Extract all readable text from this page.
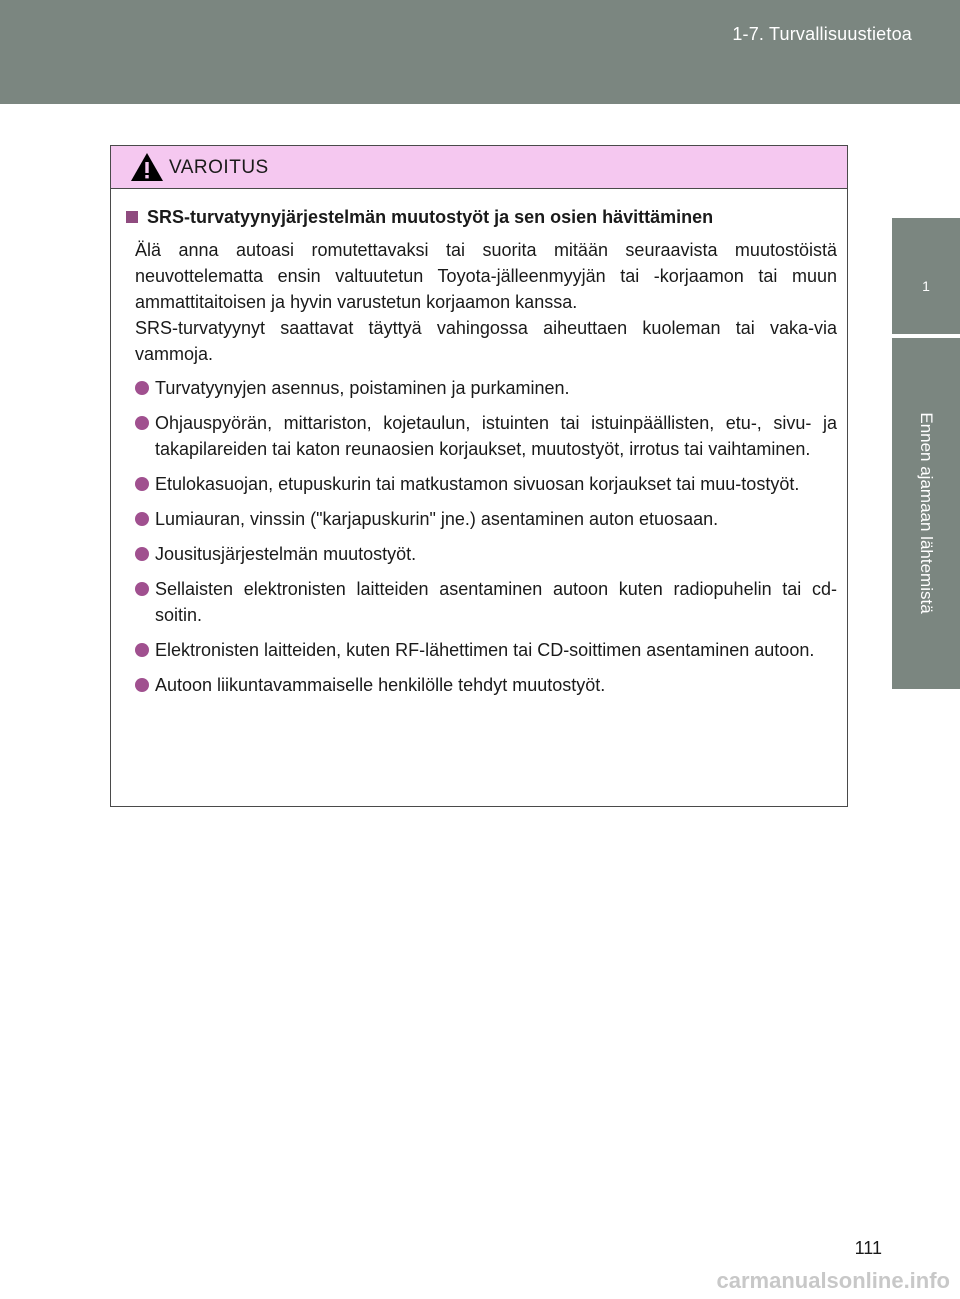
1-7. Turvallisuustietoa
1
Ennen ajamaan lähtemistä
VAROITUS
SRS-turvatyynyjärjestelmän muutostyöt ja sen osien hävittäminen

Älä anna autoasi romutettavaksi tai suorita mitään seuraavista muutostöistä neuvottelematta ensin valtuutetun Toyota-jälleenmyyjän tai -korjaamon tai muun ammattitaitoisen ja hyvin varustetun korjaamon kanssa.

SRS-turvatyynyt saattavat täyttyä vahingossa aiheuttaen kuoleman tai vaka-via vammoja.

Turvatyynyjen asennus, poistaminen ja purkaminen.
Ohjauspyörän, mittariston, kojetaulun, istuinten tai istuinpäällisten, etu-, sivu- ja takapilareiden tai katon reunaosien korjaukset, muutostyöt, irrotus tai vaihtaminen.
Etulokasuojan, etupuskurin tai matkustamon sivuosan korjaukset tai muu-tostyöt.
Lumiauran, vinssin ("karjapuskurin" jne.) asentaminen auton etuosaan.
Jousitusjärjestelmän muutostyöt.
Sellaisten elektronisten laitteiden asentaminen autoon kuten radiopuhelin tai cd-soitin.
Elektronisten laitteiden, kuten RF-lähettimen tai CD-soittimen asentaminen autoon.
Autoon liikuntavammaiselle henkilölle tehdyt muutostyöt.
111
carmanualsonline.info
